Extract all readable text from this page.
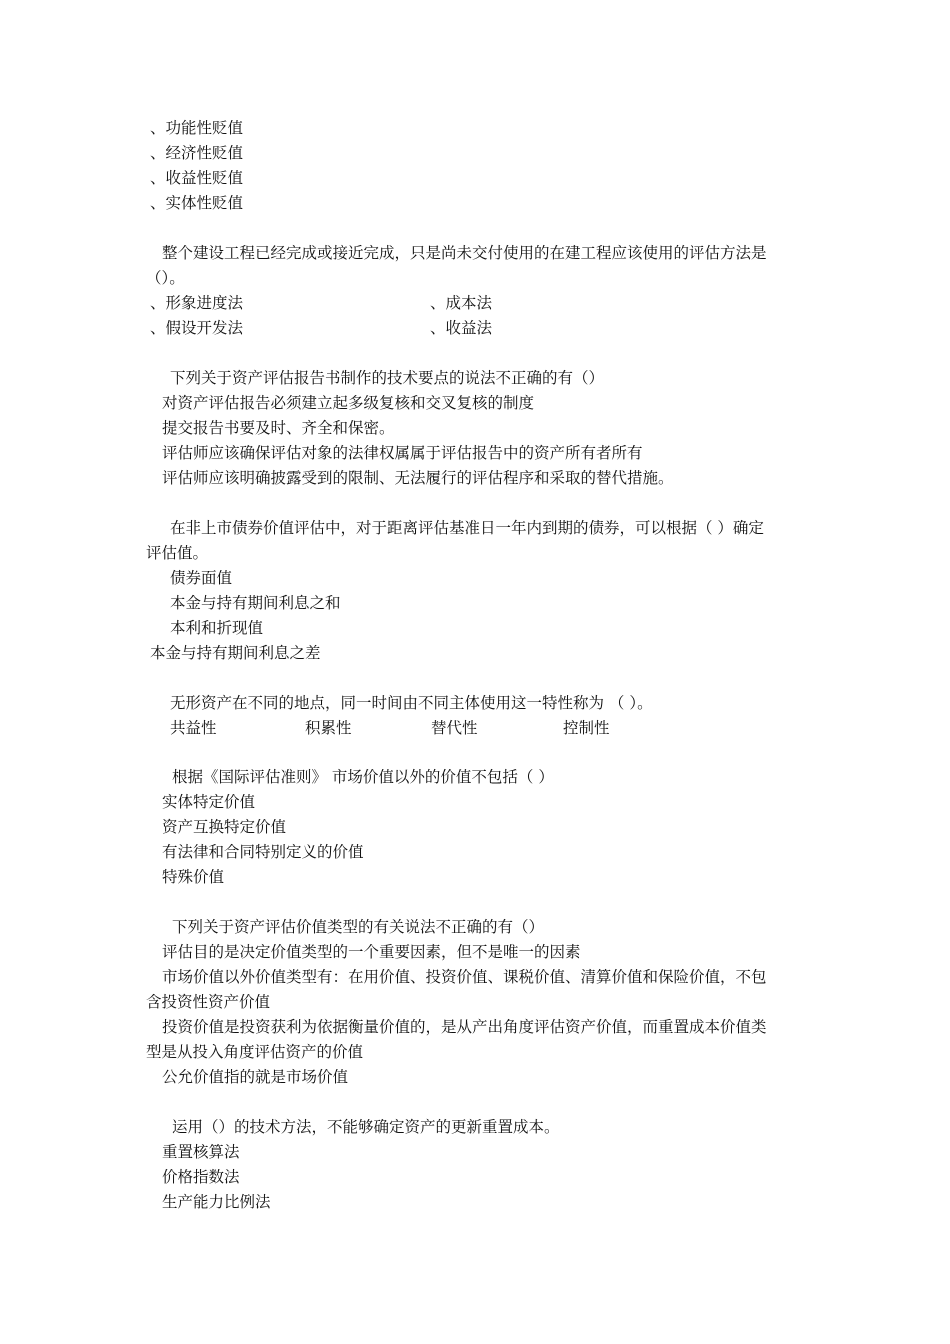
、功能性贬值
、经济性贬值
、收益性贬值
、实体性贬值
整个建设工程已经完成或接近完成，只是尚未交付使用的在建工程应该使用的评估方法是
（）。
、形象进度法	、成本法
、假设开发法	、收益法
下列关于资产评估报告书制作的技术要点的说法不正确的有（）
对资产评估报告必须建立起多级复核和交叉复核的制度
提交报告书要及时、齐全和保密。
评估师应该确保评估对象的法律权属属于评估报告中的资产所有者所有
评估师应该明确披露受到的限制、无法履行的评估程序和采取的替代措施。
在非上市债券价值评估中，对于距离评估基准日一年内到期的债券，可以根据（ ）确定
评估值。
债券面值
本金与持有期间利息之和
本利和折现值
本金与持有期间利息之差
无形资产在不同的地点，同一时间由不同主体使用这一特性称为 （ ）。
共益性	积累性	替代性	控制性
根据《国际评估准则》 市场价值以外的价值不包括（ ）
实体特定价值
资产互换特定价值
有法律和合同特别定义的价值
特殊价值
下列关于资产评估价值类型的有关说法不正确的有（）
评估目的是决定价值类型的一个重要因素，但不是唯一的因素
市场价值以外价值类型有：在用价值、投资价值、课税价值、清算价值和保险价值，不包
含投资性资产价值
投资价值是投资获利为依据衡量价值的，是从产出角度评估资产价值，而重置成本价值类
型是从投入角度评估资产的价值
公允价值指的就是市场价值
运用（）的技术方法，不能够确定资产的更新重置成本。
重置核算法
价格指数法
生产能力比例法
